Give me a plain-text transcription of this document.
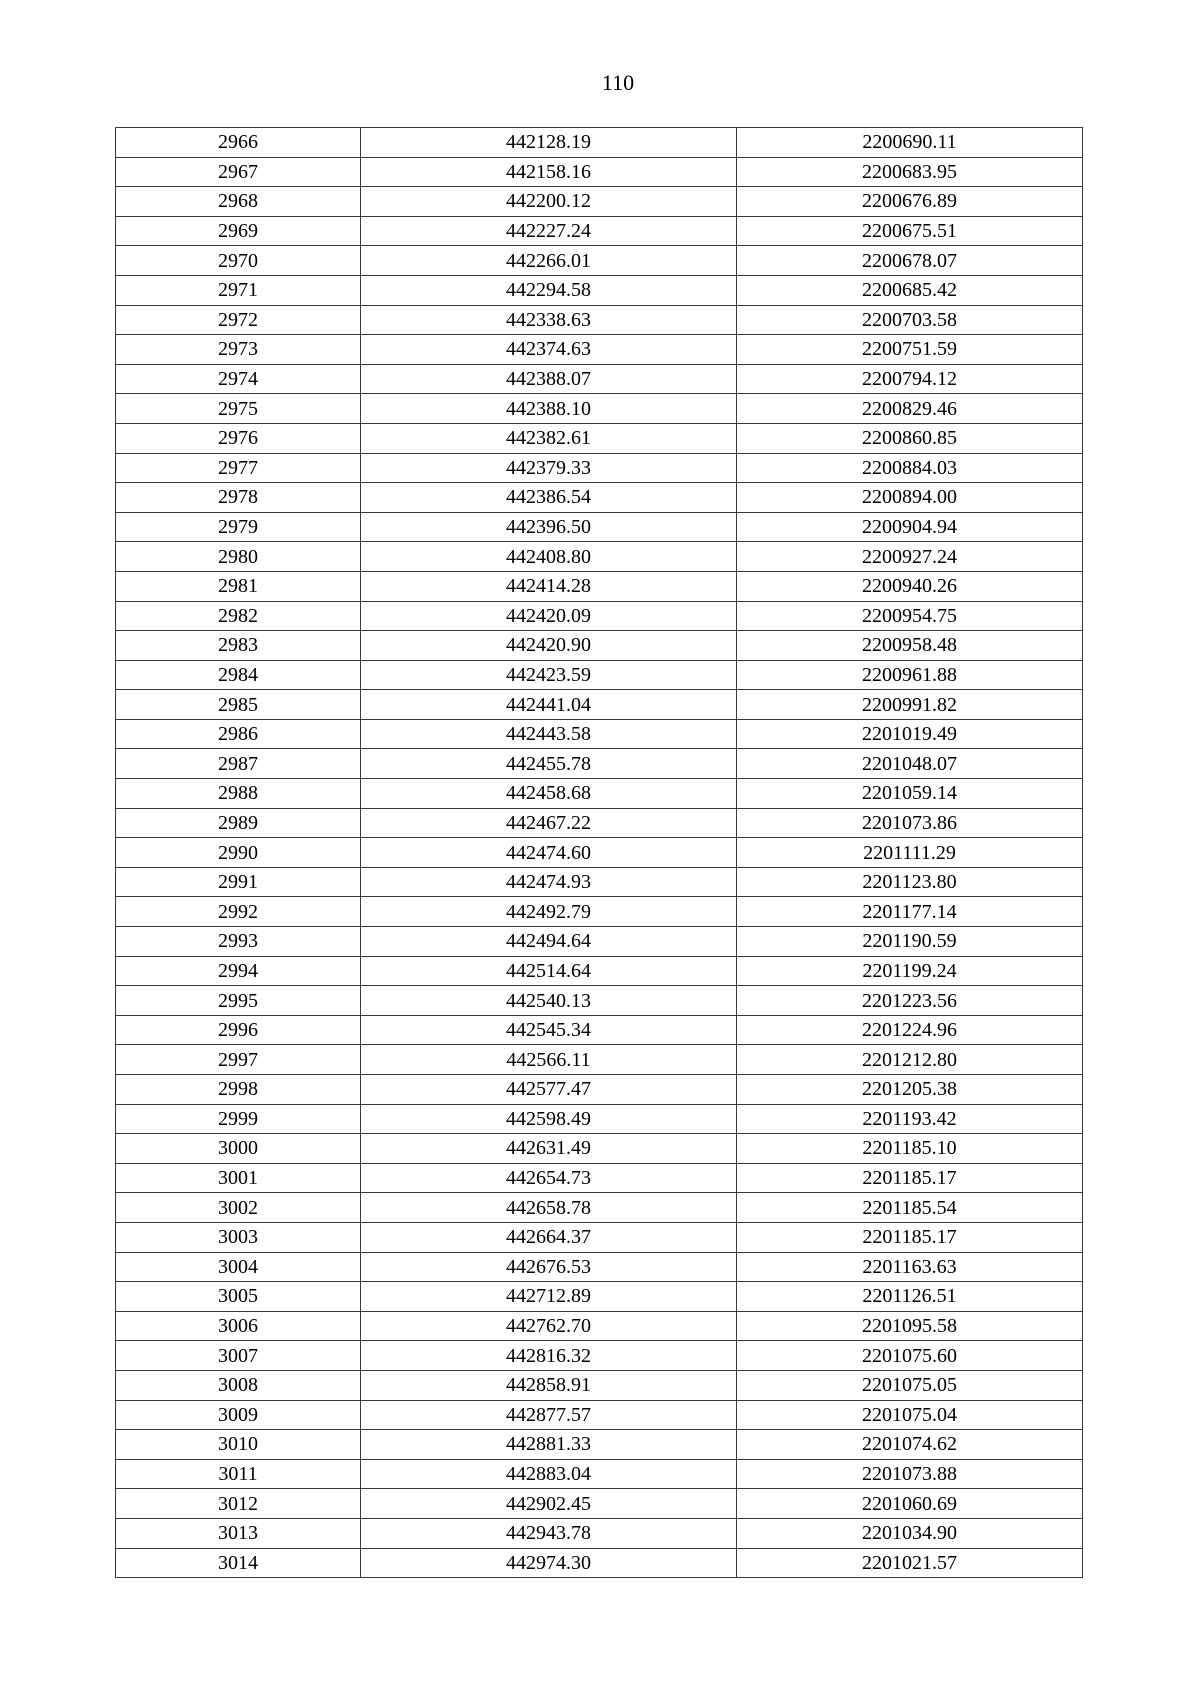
110
2966	442128.19	2200690.11
2967	442158.16	2200683.95
2968	442200.12	2200676.89
2969	442227.24	2200675.51
2970	442266.01	2200678.07
2971	442294.58	2200685.42
2972	442338.63	2200703.58
2973	442374.63	2200751.59
2974	442388.07	2200794.12
2975	442388.10	2200829.46
2976	442382.61	2200860.85
2977	442379.33	2200884.03
2978	442386.54	2200894.00
2979	442396.50	2200904.94
2980	442408.80	2200927.24
2981	442414.28	2200940.26
2982	442420.09	2200954.75
2983	442420.90	2200958.48
2984	442423.59	2200961.88
2985	442441.04	2200991.82
2986	442443.58	2201019.49
2987	442455.78	2201048.07
2988	442458.68	2201059.14
2989	442467.22	2201073.86
2990	442474.60	2201111.29
2991	442474.93	2201123.80
2992	442492.79	2201177.14
2993	442494.64	2201190.59
2994	442514.64	2201199.24
2995	442540.13	2201223.56
2996	442545.34	2201224.96
2997	442566.11	2201212.80
2998	442577.47	2201205.38
2999	442598.49	2201193.42
3000	442631.49	2201185.10
3001	442654.73	2201185.17
3002	442658.78	2201185.54
3003	442664.37	2201185.17
3004	442676.53	2201163.63
3005	442712.89	2201126.51
3006	442762.70	2201095.58
3007	442816.32	2201075.60
3008	442858.91	2201075.05
3009	442877.57	2201075.04
3010	442881.33	2201074.62
3011	442883.04	2201073.88
3012	442902.45	2201060.69
3013	442943.78	2201034.90
3014	442974.30	2201021.57
